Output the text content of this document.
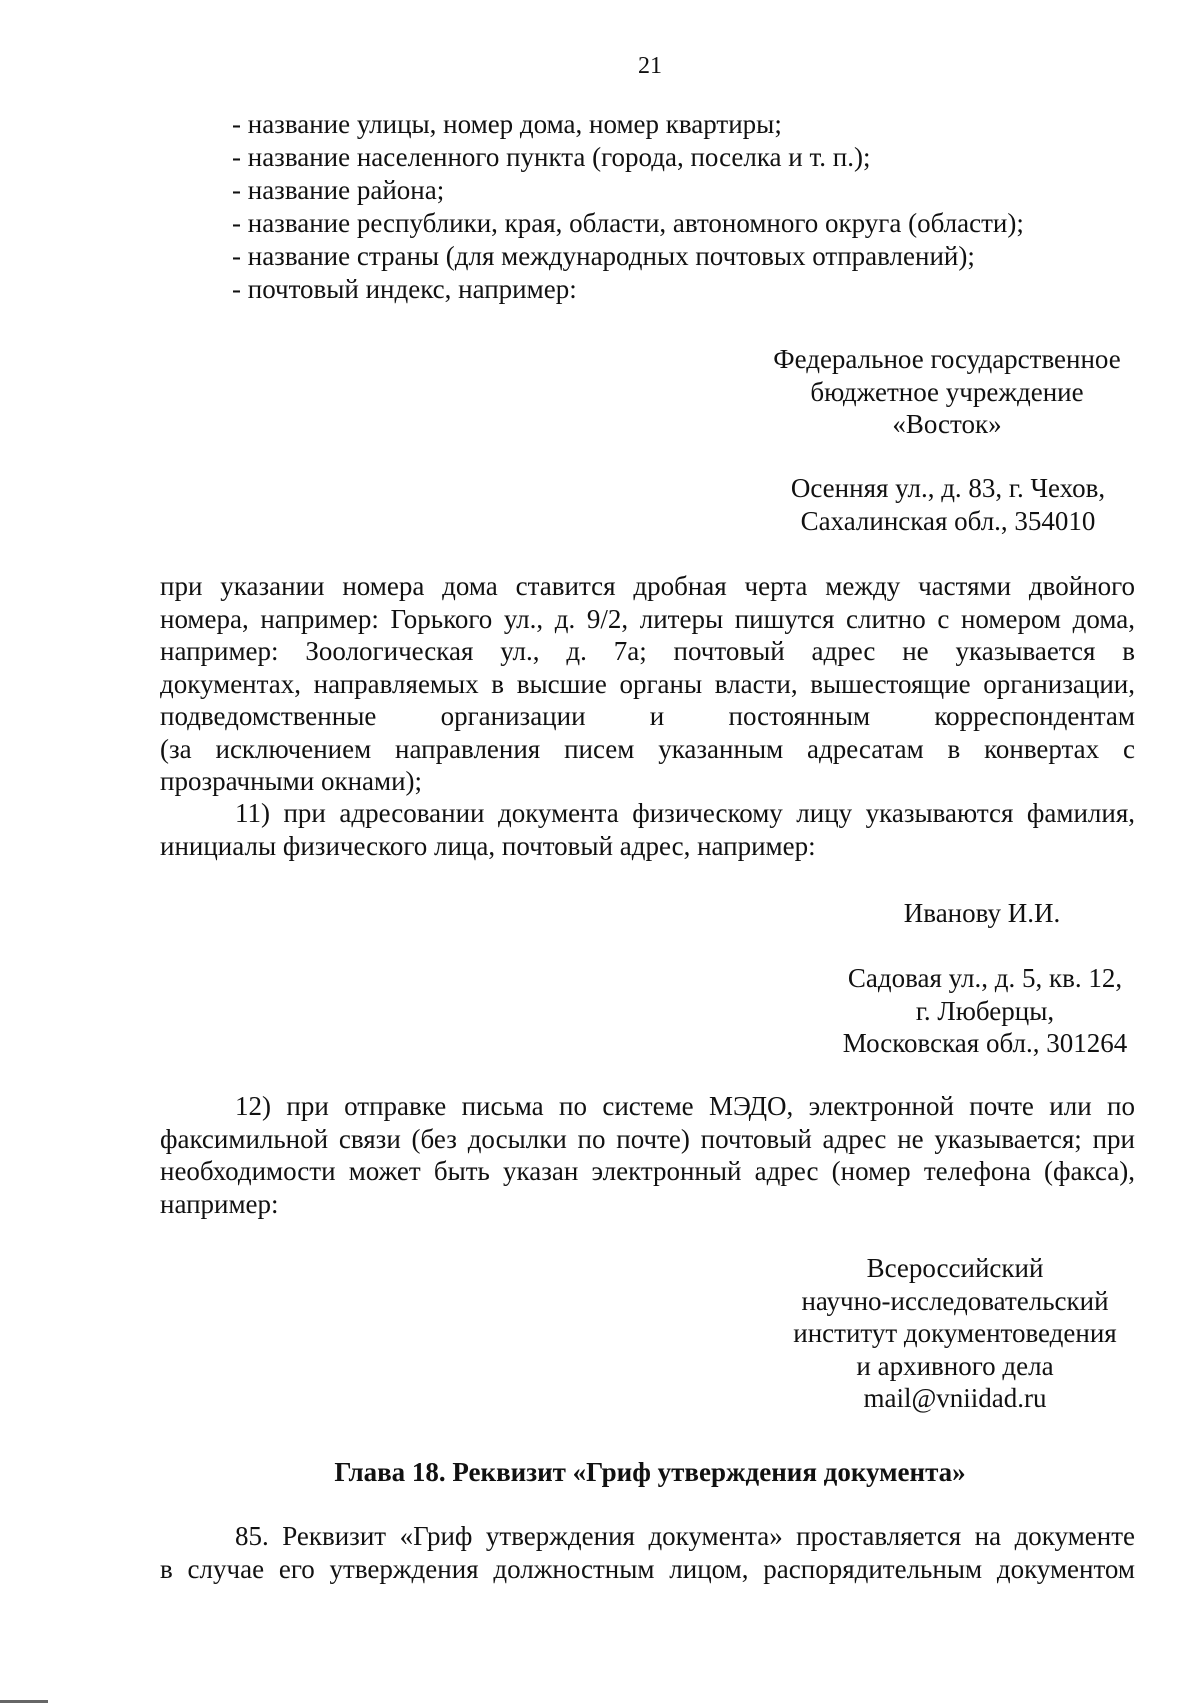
21
- название улицы, номер дома, номер квартиры;
- название населенного пункта (города, поселка и т. п.);
- название района;
- название республики, края, области, автономного округа (области);
- название страны (для международных почтовых отправлений);
- почтовый индекс, например:
Федеральное государственное
бюджетное учреждение
«Восток»
Осенняя ул., д. 83, г. Чехов,
Сахалинская обл., 354010
при указании номера дома ставится дробная черта между частями двойного
номера, например: Горького ул., д. 9/2, литеры пишутся слитно с номером дома,
например: Зоологическая ул., д. 7а; почтовый адрес не указывается в
документах, направляемых в высшие органы власти, вышестоящие организации,
подведомственные организации и постоянным корреспондентам
(за исключением направления писем указанным адресатам в конвертах с
прозрачными окнами);
11) при адресовании документа физическому лицу указываются фамилия,
инициалы физического лица, почтовый адрес, например:
Иванову И.И.
Садовая ул., д. 5, кв. 12,
г. Люберцы,
Московская обл., 301264
12) при отправке письма по системе МЭДО, электронной почте или по
факсимильной связи (без досылки по почте) почтовый адрес не указывается; при
необходимости может быть указан электронный адрес (номер телефона (факса),
например:
Всероссийский
научно-исследовательский
институт документоведения
и архивного дела
mail@vniidad.ru
Глава 18. Реквизит «Гриф утверждения документа»
85. Реквизит «Гриф утверждения документа» проставляется на документе
в случае его утверждения должностным лицом, распорядительным документом
